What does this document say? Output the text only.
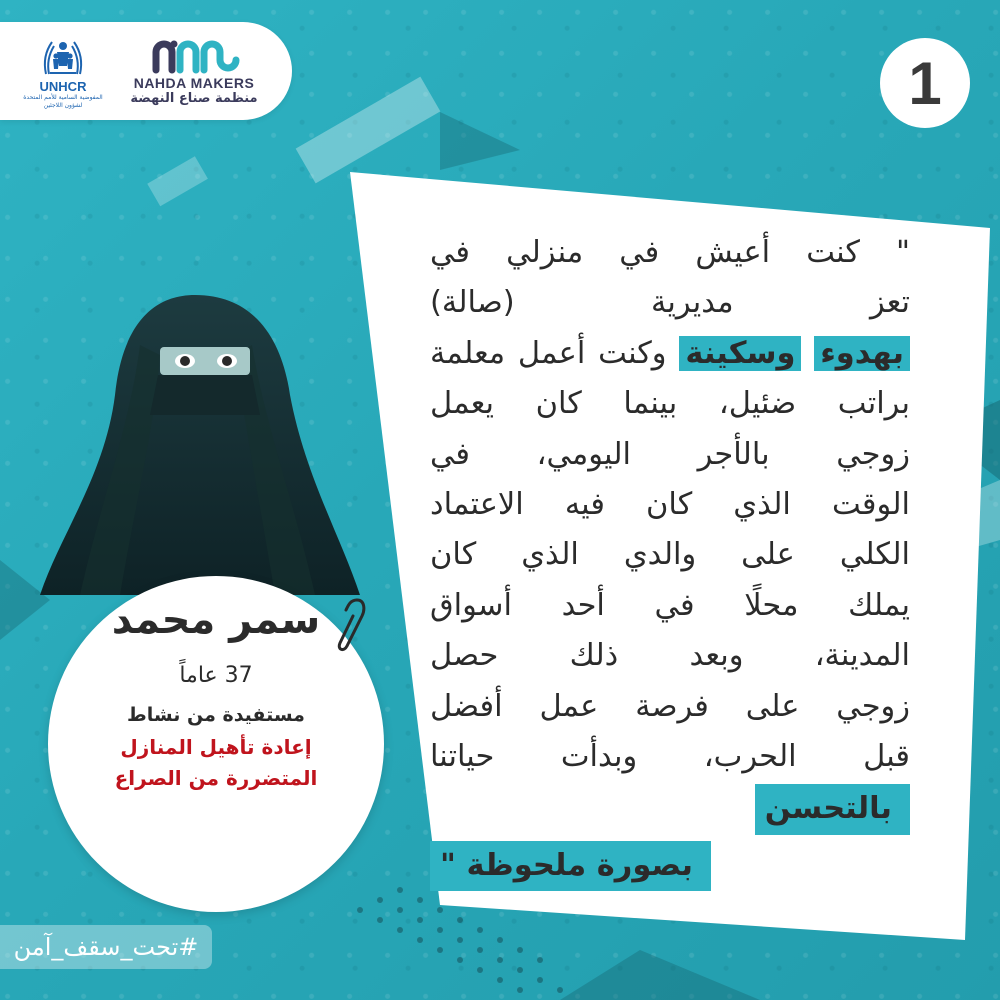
UNHCR
المفوضية السامية للأمم المتحدة لشؤون اللاجئين
NAHDA MAKERS
منظمة صناع النهضة	1
" كنت أعيش في منزلي في
تعز مديرية (صالة)
بهدوء وسكينة وكنت أعمل معلمة
براتب ضئيل، بينما كان يعمل
زوجي بالأجر اليومي، في
الوقت الذي كان فيه الاعتماد
الكلي على والدي الذي كان
يملك محلًا في أحد أسواق
المدينة، وبعد ذلك حصل
زوجي على فرصة عمل أفضل
قبل الحرب، وبدأت حياتنا
بالتحسن
بصورة ملحوظة "
سمر محمد
37 عاماً
مستفيدة من نشاط
إعادة تأهيل المنازل
المتضررة من الصراع
#تحت_سقف_آمن
